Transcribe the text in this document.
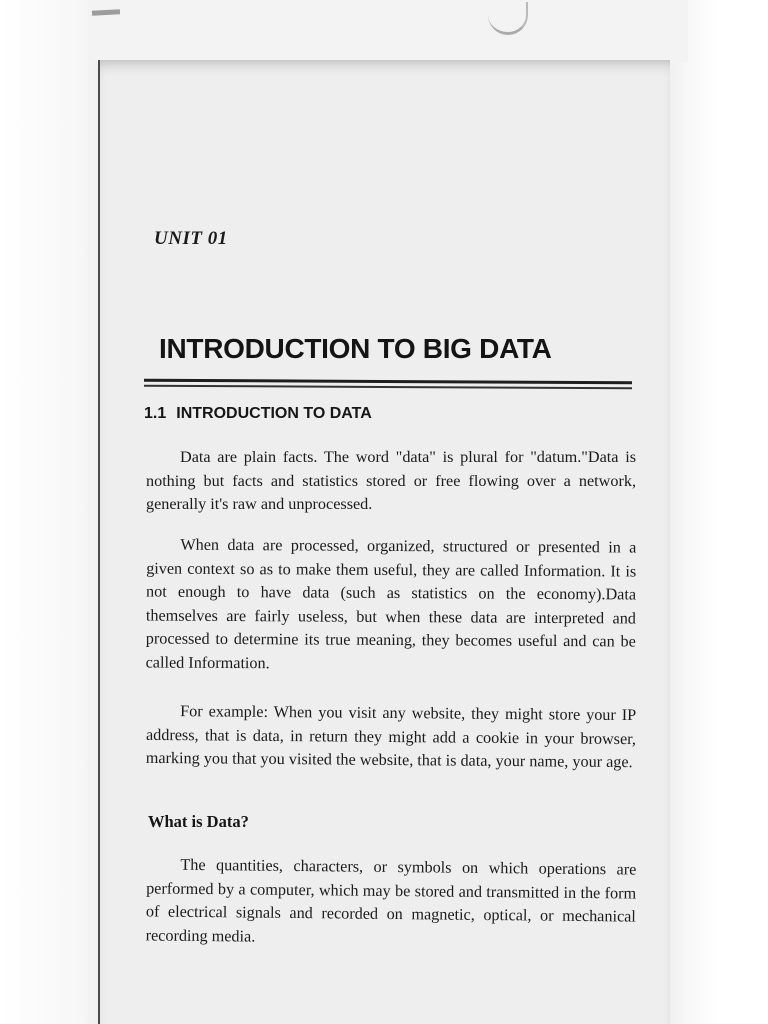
UNIT 01
INTRODUCTION TO BIG DATA
1.1 INTRODUCTION TO DATA

Data are plain facts. The word "data" is plural for "datum."Data is nothing but facts and statistics stored or free flowing over a network, generally it's raw and unprocessed.

When data are processed, organized, structured or presented in a given context so as to make them useful, they are called Information. It is not enough to have data (such as statistics on the economy).Data themselves are fairly useless, but when these data are interpreted and processed to determine its true meaning, they becomes useful and can be called Information.

For example: When you visit any website, they might store your IP address, that is data, in return they might add a cookie in your browser, marking you that you visited the website, that is data, your name, your age.

What is Data?

The quantities, characters, or symbols on which operations are performed by a computer, which may be stored and transmitted in the form of electrical signals and recorded on magnetic, optical, or mechanical recording media.
